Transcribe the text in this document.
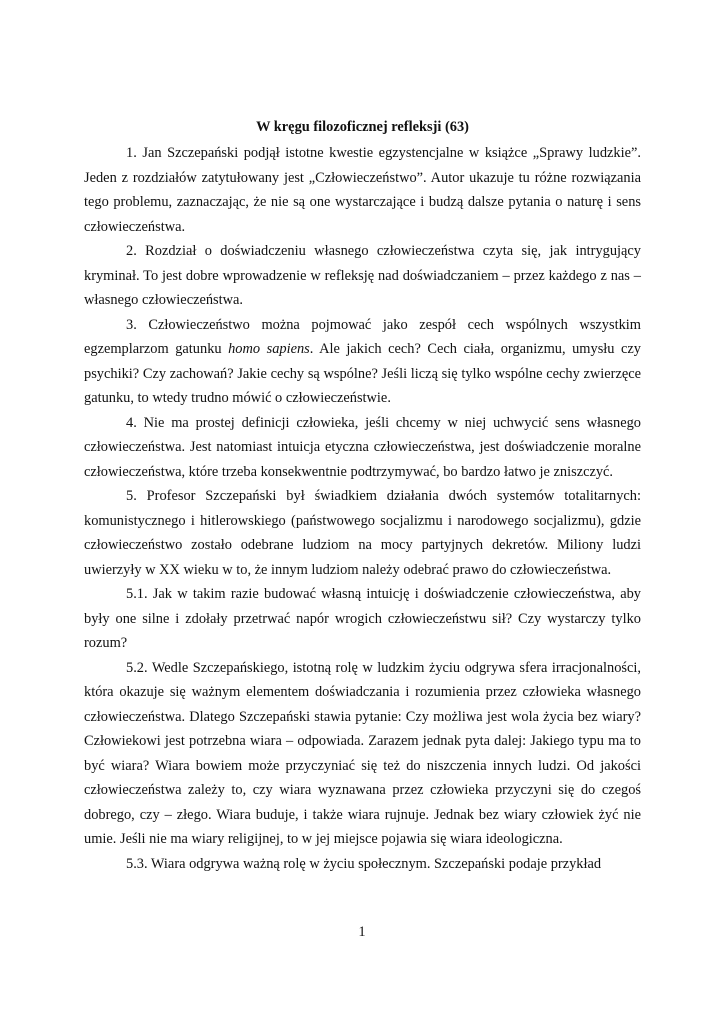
W kręgu filozoficznej refleksji (63)

1. Jan Szczepański podjął istotne kwestie egzystencjalne w książce „Sprawy ludzkie”. Jeden z rozdziałów zatytułowany jest „Człowieczeństwo”. Autor ukazuje tu różne rozwiązania tego problemu, zaznaczając, że nie są one wystarczające i budzą dalsze pytania o naturę i sens człowieczeństwa.

2. Rozdział o doświadczeniu własnego człowieczeństwa czyta się, jak intrygujący kryminał. To jest dobre wprowadzenie w refleksję nad doświadczaniem – przez każdego z nas – własnego człowieczeństwa.

3. Człowieczeństwo można pojmować jako zespół cech wspólnych wszystkim egzemplarzom gatunku homo sapiens. Ale jakich cech? Cech ciała, organizmu, umysłu czy psychiki? Czy zachowań? Jakie cechy są wspólne? Jeśli liczą się tylko wspólne cechy zwierzęce gatunku, to wtedy trudno mówić o człowieczeństwie.

4. Nie ma prostej definicji człowieka, jeśli chcemy w niej uchwycić sens własnego człowieczeństwa. Jest natomiast intuicja etyczna człowieczeństwa, jest doświadczenie moralne człowieczeństwa, które trzeba konsekwentnie podtrzymywać, bo bardzo łatwo je zniszczyć.

5. Profesor Szczepański był świadkiem działania dwóch systemów totalitarnych: komunistycznego i hitlerowskiego (państwowego socjalizmu i narodowego socjalizmu), gdzie człowieczeństwo zostało odebrane ludziom na mocy partyjnych dekretów. Miliony ludzi uwierzyły w XX wieku w to, że innym ludziom należy odebrać prawo do człowieczeństwa.

5.1. Jak w takim razie budować własną intuicję i doświadczenie człowieczeństwa, aby były one silne i zdołały przetrwać napór wrogich człowieczeństwu sił? Czy wystarczy tylko rozum?

5.2. Wedle Szczepańskiego, istotną rolę w ludzkim życiu odgrywa sfera irracjonalności, która okazuje się ważnym elementem doświadczania i rozumienia przez człowieka własnego człowieczeństwa. Dlatego Szczepański stawia pytanie: Czy możliwa jest wola życia bez wiary? Człowiekowi jest potrzebna wiara – odpowiada. Zarazem jednak pyta dalej: Jakiego typu ma to być wiara? Wiara bowiem może przyczyniać się też do niszczenia innych ludzi. Od jakości człowieczeństwa zależy to, czy wiara wyznawana przez człowieka przyczyni się do czegoś dobrego, czy – złego. Wiara buduje, i także wiara rujnuje. Jednak bez wiary człowiek żyć nie umie. Jeśli nie ma wiary religijnej, to w jej miejsce pojawia się wiara ideologiczna.

5.3. Wiara odgrywa ważną rolę w życiu społecznym. Szczepański podaje przykład

1
